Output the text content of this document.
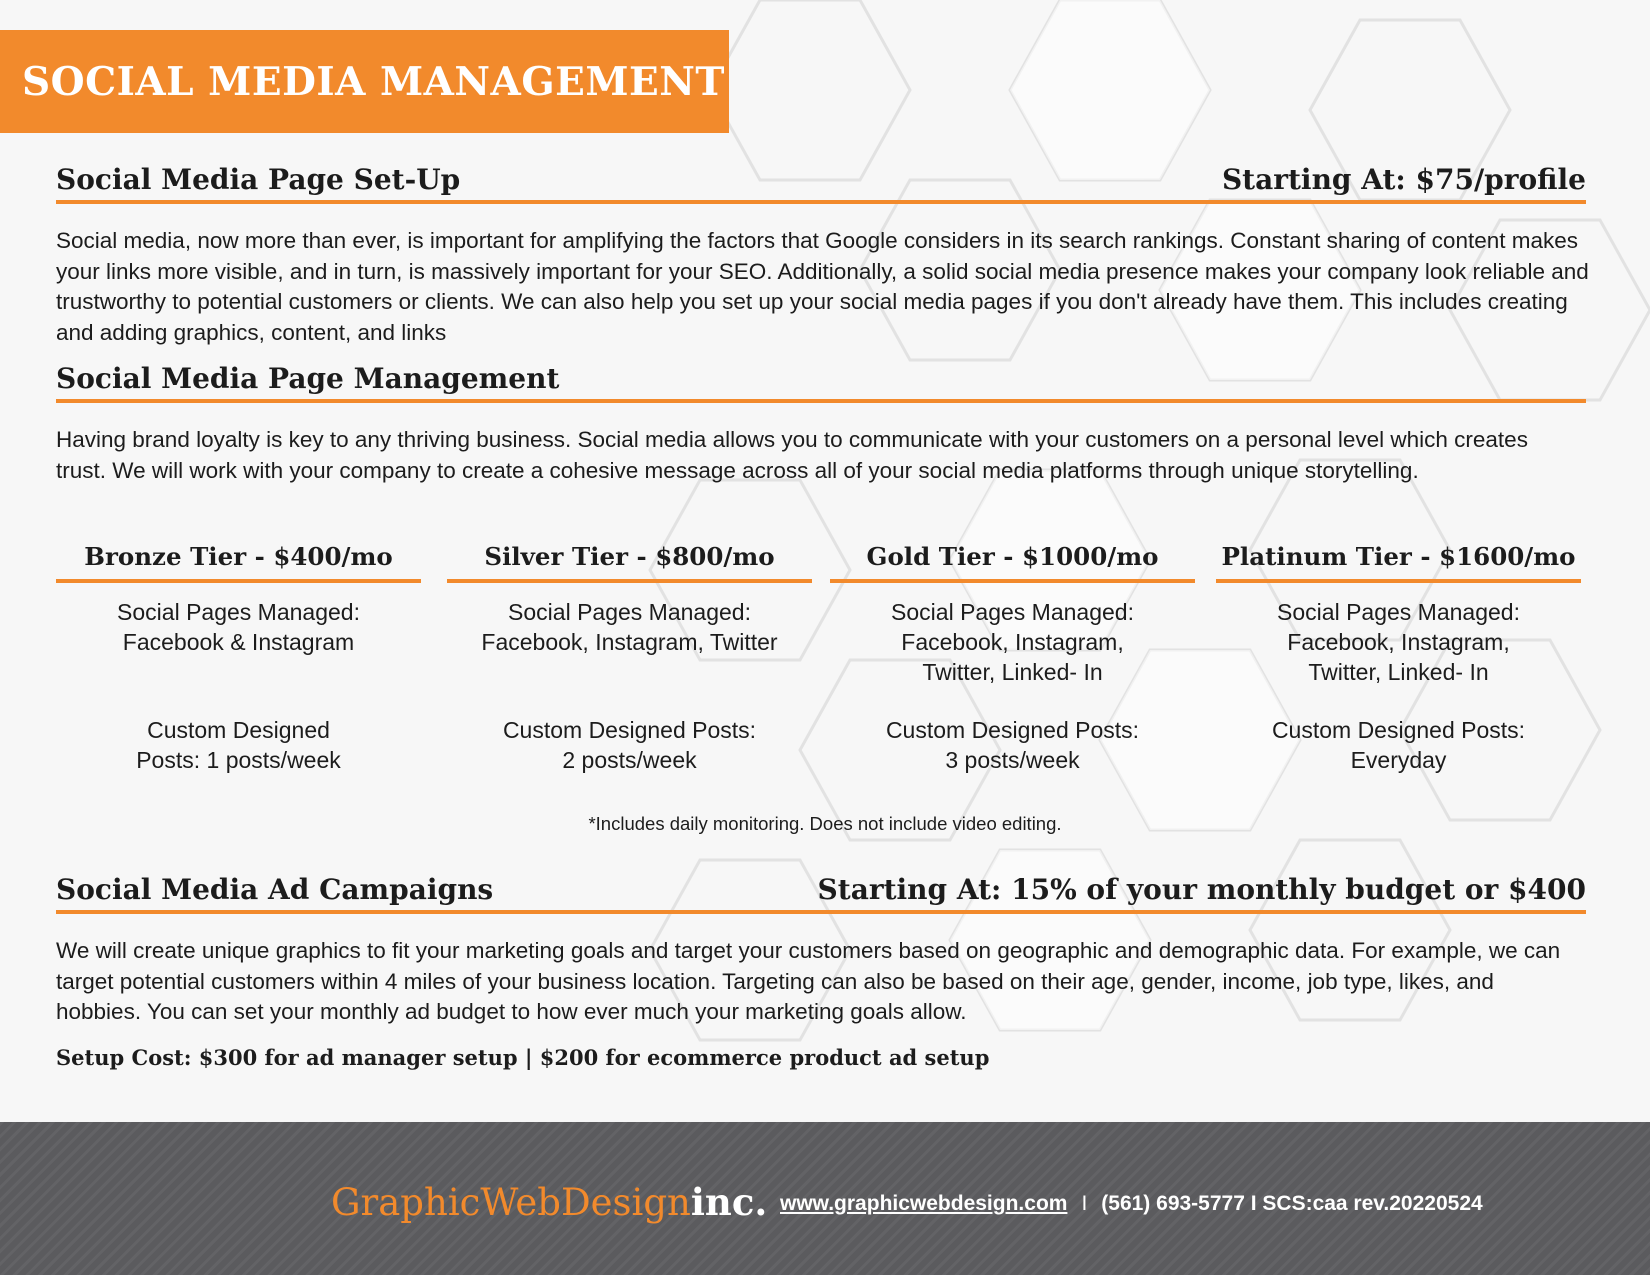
SOCIAL MEDIA MANAGEMENT
Social Media Page Set-Up	Starting At: $75/profile

Social media, now more than ever, is important for amplifying the factors that Google considers in its search rankings. Constant sharing of content makes your links more visible, and in turn, is massively important for your SEO. Additionally, a solid social media presence makes your company look reliable and trustworthy to potential customers or clients. We can also help you set up your social media pages if you don't already have them. This includes creating and adding graphics, content, and links

Social Media Page Management

Having brand loyalty is key to any thriving business. Social media allows you to communicate with your customers on a personal level which creates trust. We will work with your company to create a cohesive message across all of your social media platforms through unique storytelling.

Bronze Tier - $400/mo
Social Pages Managed:
Facebook & Instagram
Custom Designed
Posts: 1 posts/week
Silver Tier - $800/mo
Social Pages Managed:
Facebook, Instagram, Twitter
Custom Designed Posts:
2 posts/week
Gold Tier - $1000/mo
Social Pages Managed:
Facebook, Instagram,
Twitter, Linked- In
Custom Designed Posts:
3 posts/week
Platinum Tier - $1600/mo
Social Pages Managed:
Facebook, Instagram,
Twitter, Linked- In
Custom Designed Posts:
Everyday
*Includes daily monitoring. Does not include video editing.
Social Media Ad Campaigns	Starting At: 15% of your monthly budget or $400

We will create unique graphics to fit your marketing goals and target your customers based on geographic and demographic data. For example, we can target potential customers within 4 miles of your business location. Targeting can also be based on their age, gender, income, job type, likes, and hobbies. You can set your monthly ad budget to how ever much your marketing goals allow.

Setup Cost: $300 for ad manager setup | $200 for ecommerce product ad setup
GraphicWebDesigninc. www.graphicwebdesign.com I (561) 693-5777 I SCS:caa rev.20220524
